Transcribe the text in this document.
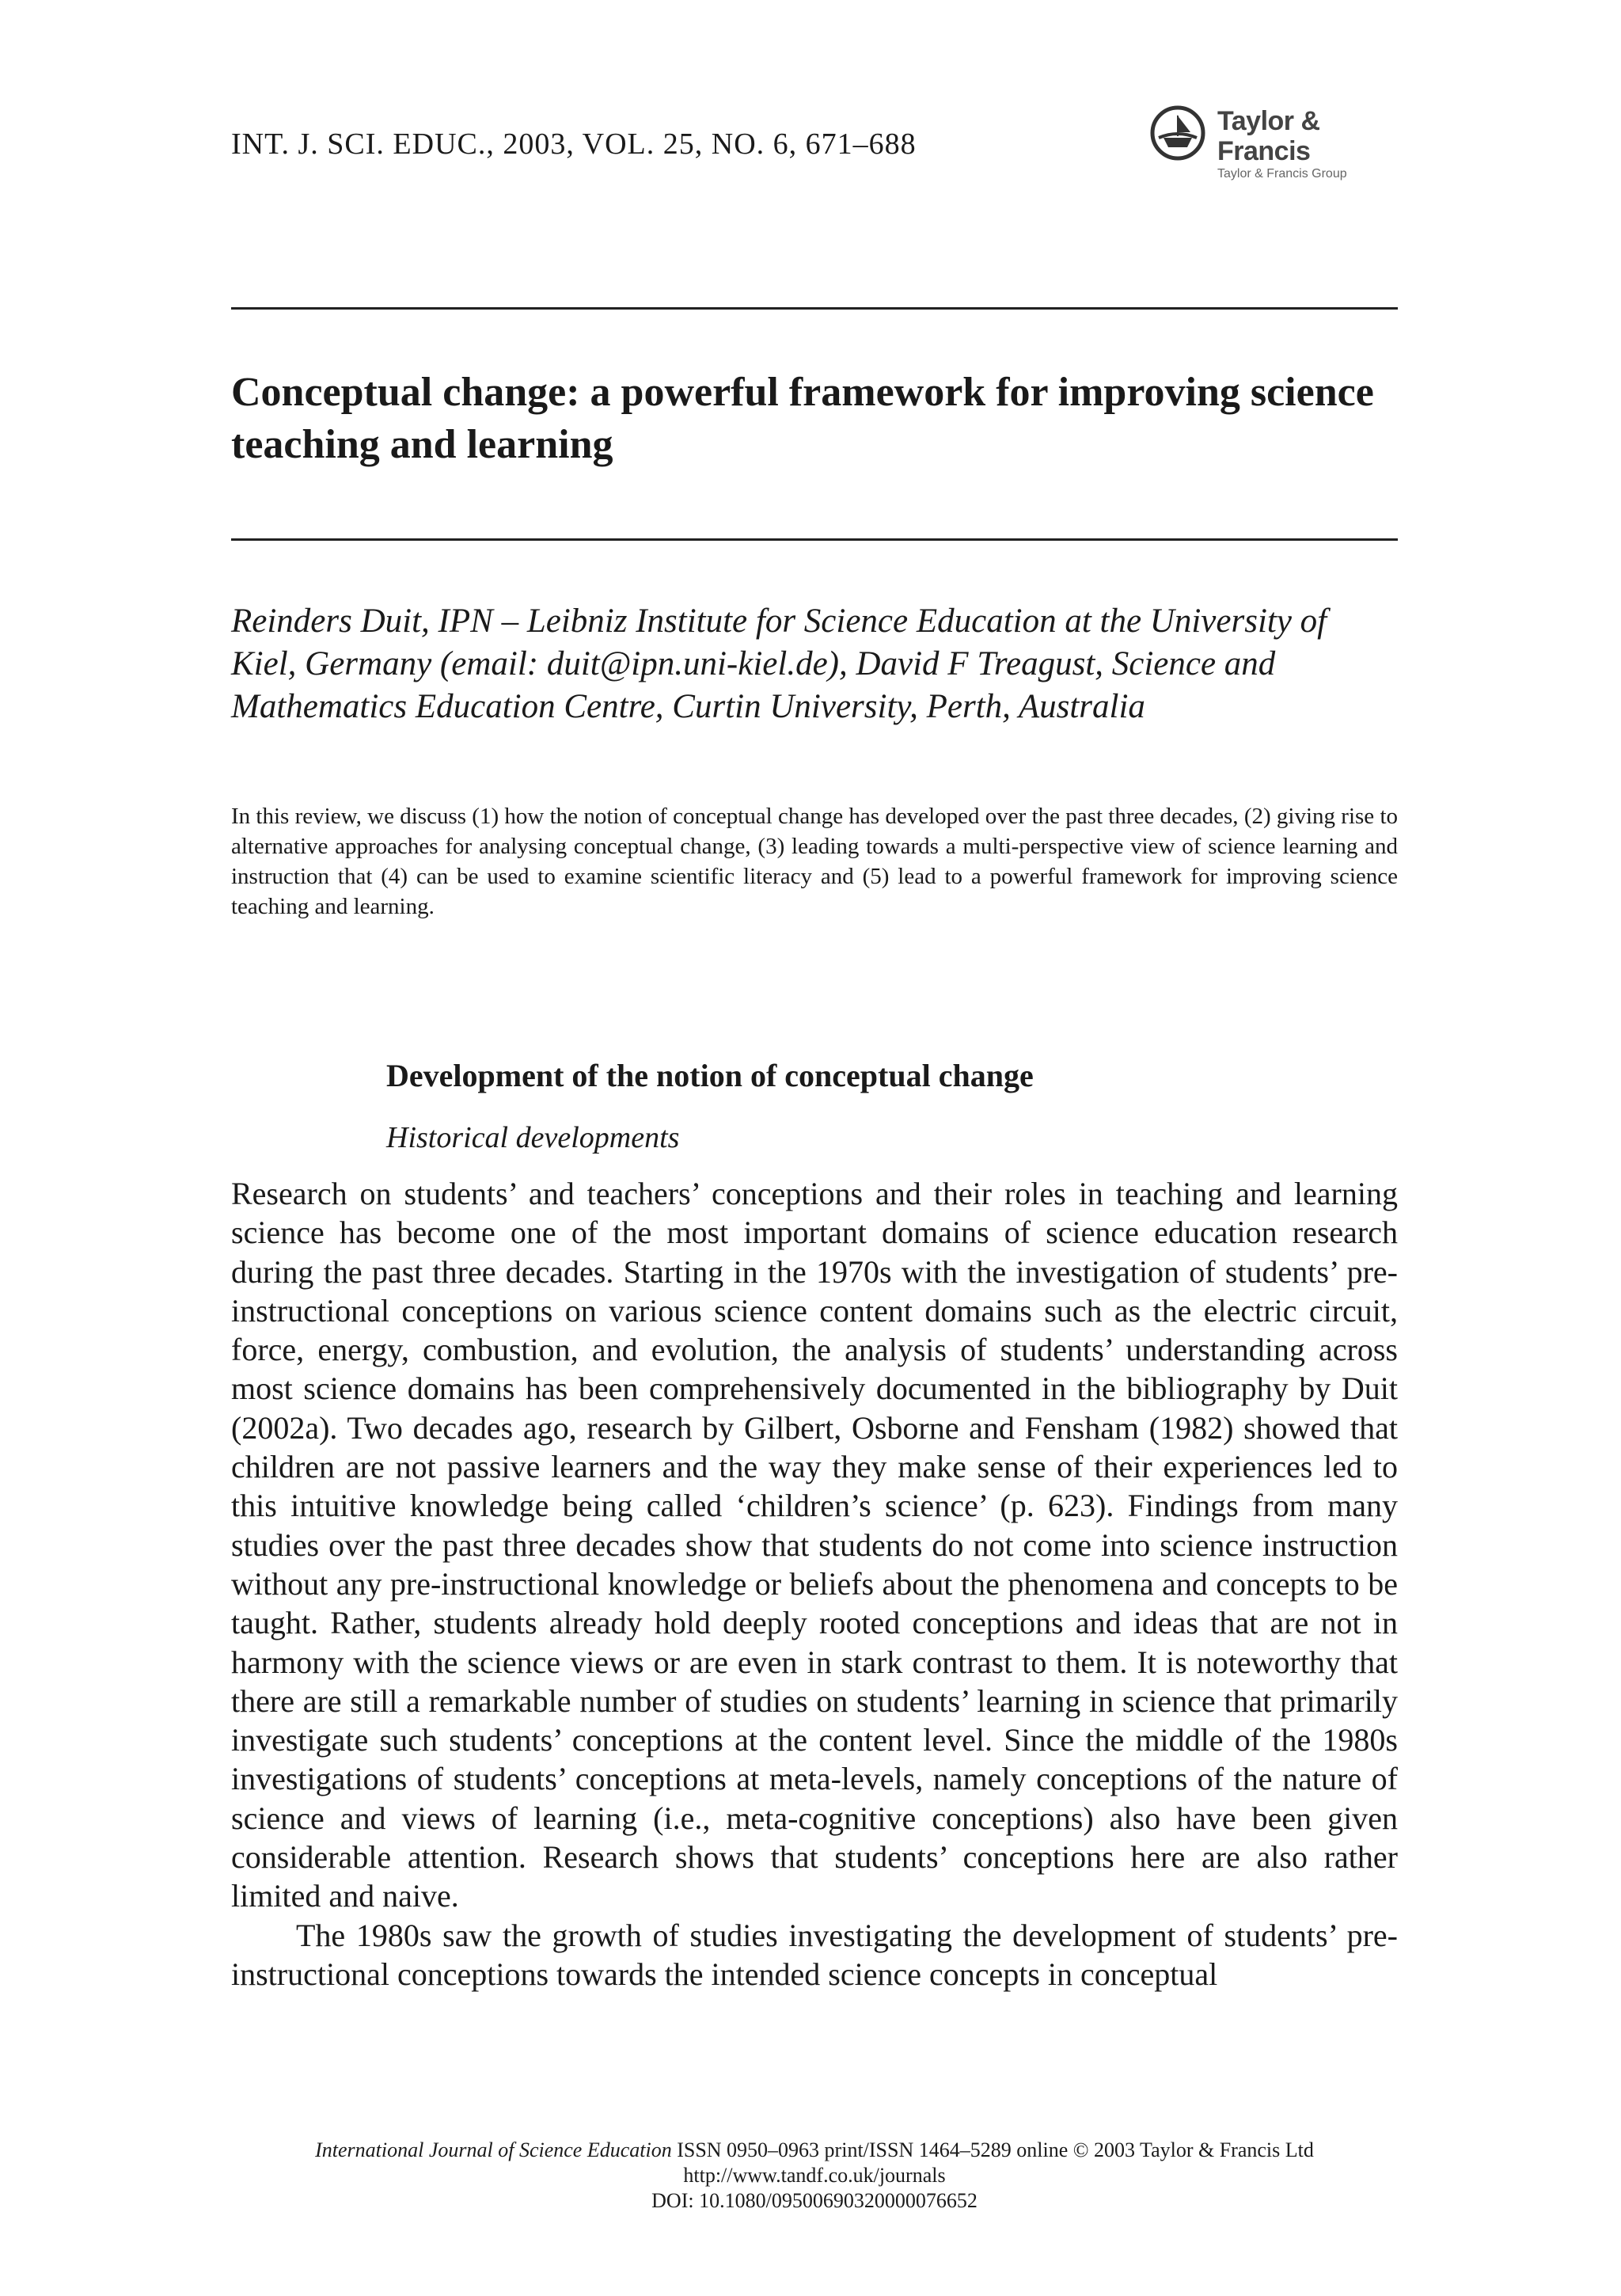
INT. J. SCI. EDUC., 2003, VOL. 25, NO. 6, 671–688
Taylor & Francis
Taylor & Francis Group
Conceptual change: a powerful framework for improving science teaching and learning
Reinders Duit, IPN – Leibniz Institute for Science Education at the University of Kiel, Germany (email: duit@ipn.uni-kiel.de), David F Treagust, Science and Mathematics Education Centre, Curtin University, Perth, Australia
In this review, we discuss (1) how the notion of conceptual change has developed over the past three decades, (2) giving rise to alternative approaches for analysing conceptual change, (3) leading towards a multi-perspective view of science learning and instruction that (4) can be used to examine scientific literacy and (5) lead to a powerful framework for improving science teaching and learning.
Development of the notion of conceptual change
Historical developments

Research on students’ and teachers’ conceptions and their roles in teaching and learning science has become one of the most important domains of science education research during the past three decades. Starting in the 1970s with the investigation of students’ pre-instructional conceptions on various science content domains such as the electric circuit, force, energy, combustion, and evolution, the analysis of students’ understanding across most science domains has been comprehensively documented in the bibliography by Duit (2002a). Two decades ago, research by Gilbert, Osborne and Fensham (1982) showed that children are not passive learners and the way they make sense of their experiences led to this intuitive knowledge being called ‘children’s science’ (p. 623). Findings from many studies over the past three decades show that students do not come into science instruction without any pre-instructional knowledge or beliefs about the phenomena and concepts to be taught. Rather, students already hold deeply rooted conceptions and ideas that are not in harmony with the science views or are even in stark contrast to them. It is noteworthy that there are still a remarkable number of studies on students’ learning in science that primarily investigate such students’ conceptions at the content level. Since the middle of the 1980s investigations of students’ conceptions at meta-levels, namely conceptions of the nature of science and views of learning (i.e., meta-cognitive conceptions) also have been given considerable attention. Research shows that students’ conceptions here are also rather limited and naive.

The 1980s saw the growth of studies investigating the development of students’ pre-instructional conceptions towards the intended science concepts in conceptual

International Journal of Science Education ISSN 0950–0963 print/ISSN 1464–5289 online © 2003 Taylor & Francis Ltd
http://www.tandf.co.uk/journals
DOI: 10.1080/09500690320000076652
